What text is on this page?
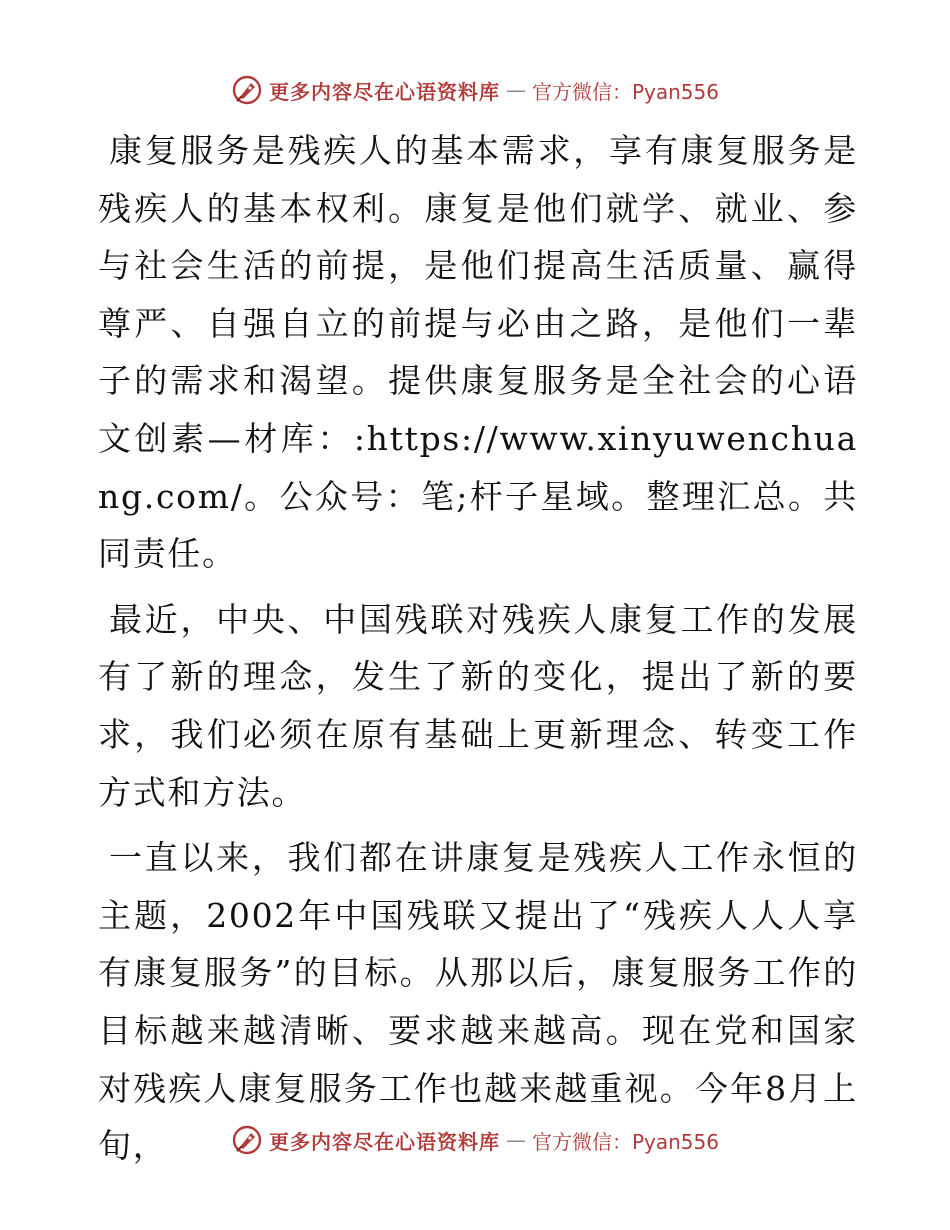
更多内容尽在心语资料库 — 官方微信：Pyan556

康复服务是残疾人的基本需求，享有康复服务是残疾人的基本权利。康复是他们就学、就业、参与社会生活的前提，是他们提高生活质量、赢得尊严、自强自立的前提与必由之路，是他们一辈子的需求和渴望。提供康复服务是全社会的心语文创素—材库：:https://www.xinyuwenchuang.com/。公众号：笔;杆子星域。整理汇总。共同责任。

最近，中央、中国残联对残疾人康复工作的发展有了新的理念，发生了新的变化，提出了新的要求，我们必须在原有基础上更新理念、转变工作方式和方法。

一直以来，我们都在讲康复是残疾人工作永恒的主题，2002年中国残联又提出了“残疾人人人享有康复服务”的目标。从那以后，康复服务工作的目标越来越清晰、要求越来越高。现在党和国家对残疾人康复服务工作也越来越重视。今年8月上旬，	更多内容尽在心语资料库 — 官方微信：Pyan556
